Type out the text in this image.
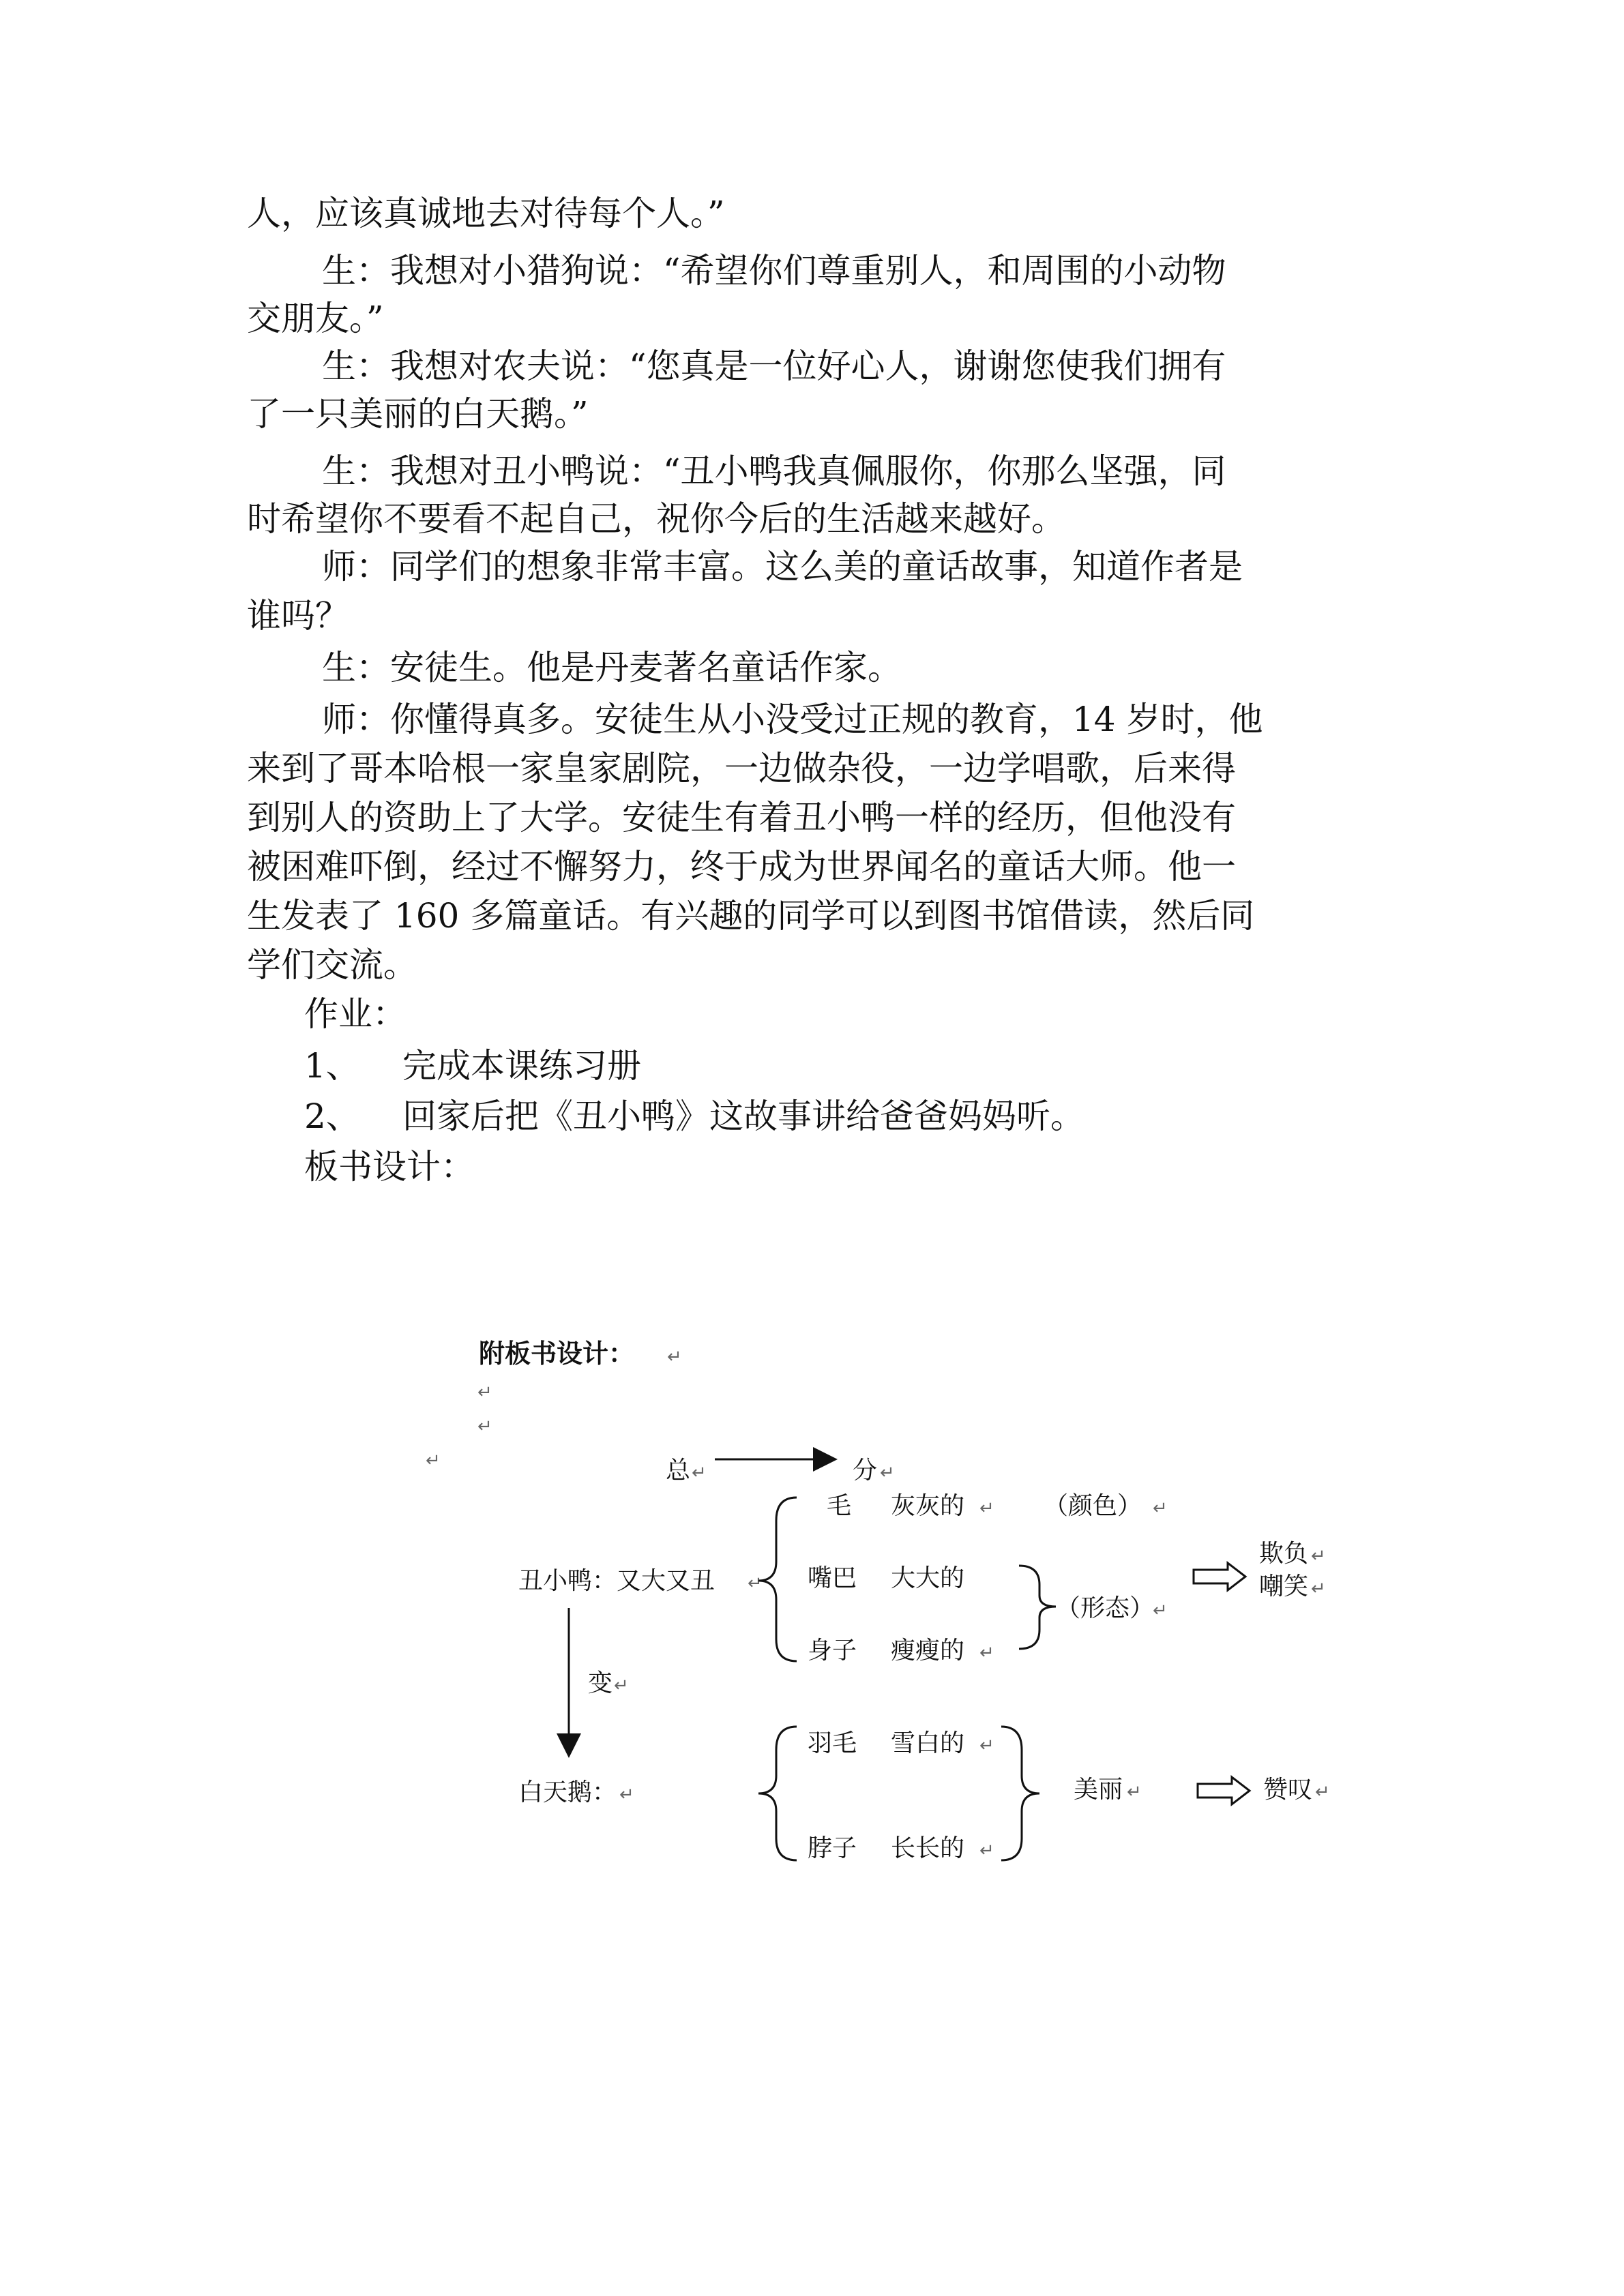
人，应该真诚地去对待每个人。”
生：我想对小猎狗说：“希望你们尊重别人，和周围的小动物
交朋友。”
生：我想对农夫说：“您真是一位好心人，谢谢您使我们拥有
了一只美丽的白天鹅。”
生：我想对丑小鸭说：“丑小鸭我真佩服你，你那么坚强，同
时希望你不要看不起自己，祝你今后的生活越来越好。
师：同学们的想象非常丰富。这么美的童话故事，知道作者是
谁吗？
生：安徒生。他是丹麦著名童话作家。
师：你懂得真多。安徒生从小没受过正规的教育，14 岁时，他
来到了哥本哈根一家皇家剧院，一边做杂役，一边学唱歌，后来得
到别人的资助上了大学。安徒生有着丑小鸭一样的经历，但他没有
被困难吓倒，经过不懈努力，终于成为世界闻名的童话大师。他一
生发表了 160 多篇童话。有兴趣的同学可以到图书馆借读，然后同
学们交流。
作业：
1、 完成本课练习册
2、 回家后把《丑小鸭》这故事讲给爸爸妈妈听。
板书设计：
附板书设计： ↵
↵
↵
↵	总 ↵	分 ↵
丑小鸭：又大又丑 ↵
毛 灰灰的 ↵ （颜色） ↵
嘴巴 大大的
身子 瘦瘦的 ↵
（形态）
↵
欺负 ↵
嘲笑 ↵
变 ↵
白天鹅： ↵
羽毛 雪白的 ↵
脖子 长长的 ↵
美丽 ↵	赞叹 ↵
